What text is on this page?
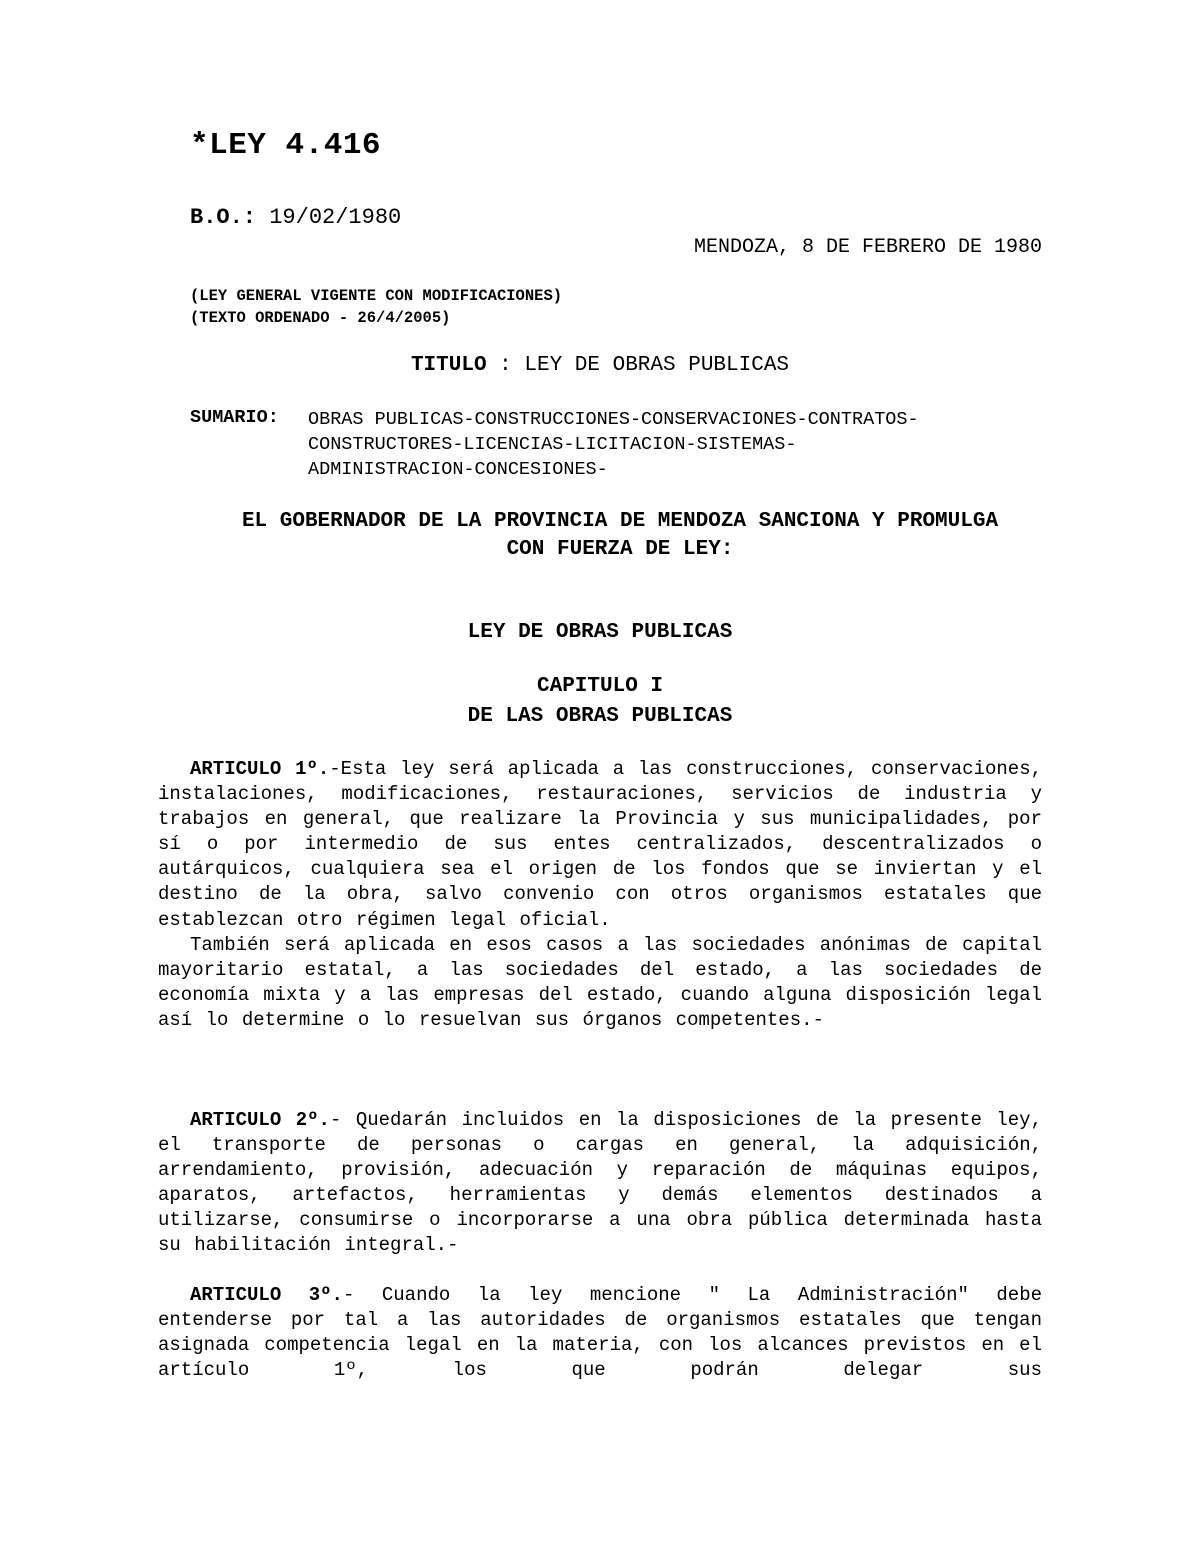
*LEY 4.416
B.O.: 19/02/1980
MENDOZA, 8 DE FEBRERO DE 1980
(LEY GENERAL VIGENTE CON MODIFICACIONES)
(TEXTO ORDENADO - 26/4/2005)
TITULO : LEY DE OBRAS PUBLICAS
SUMARIO: OBRAS PUBLICAS-CONSTRUCCIONES-CONSERVACIONES-CONTRATOS-
CONSTRUCTORES-LICENCIAS-LICITACION-SISTEMAS-
ADMINISTRACION-CONCESIONES-
EL GOBERNADOR DE LA PROVINCIA DE MENDOZA SANCIONA Y PROMULGA
CON FUERZA DE LEY:
LEY DE OBRAS PUBLICAS
CAPITULO I
DE LAS OBRAS PUBLICAS

ARTICULO 1º.-Esta ley será aplicada a las construcciones, conservaciones, instalaciones, modificaciones, restauraciones, servicios de industria y trabajos en general, que realizare la Provincia y sus municipalidades, por sí o por intermedio de sus entes centralizados, descentralizados o autárquicos, cualquiera sea el origen de los fondos que se inviertan y el destino de la obra, salvo convenio con otros organismos estatales que establezcan otro régimen legal oficial.

También será aplicada en esos casos a las sociedades anónimas de capital mayoritario estatal, a las sociedades del estado, a las sociedades de economía mixta y a las empresas del estado, cuando alguna disposición legal así lo determine o lo resuelvan sus órganos competentes.-

ARTICULO 2º.- Quedarán incluidos en la disposiciones de la presente ley, el transporte de personas o cargas en general, la adquisición, arrendamiento, provisión, adecuación y reparación de máquinas equipos, aparatos, artefactos, herramientas y demás elementos destinados a utilizarse, consumirse o incorporarse a una obra pública determinada hasta su habilitación integral.-

ARTICULO 3º.- Cuando la ley mencione " La Administración" debe entenderse por tal a las autoridades de organismos estatales que tengan asignada competencia legal en la materia, con los alcances previstos en el artículo 1º, los que podrán delegar sus
